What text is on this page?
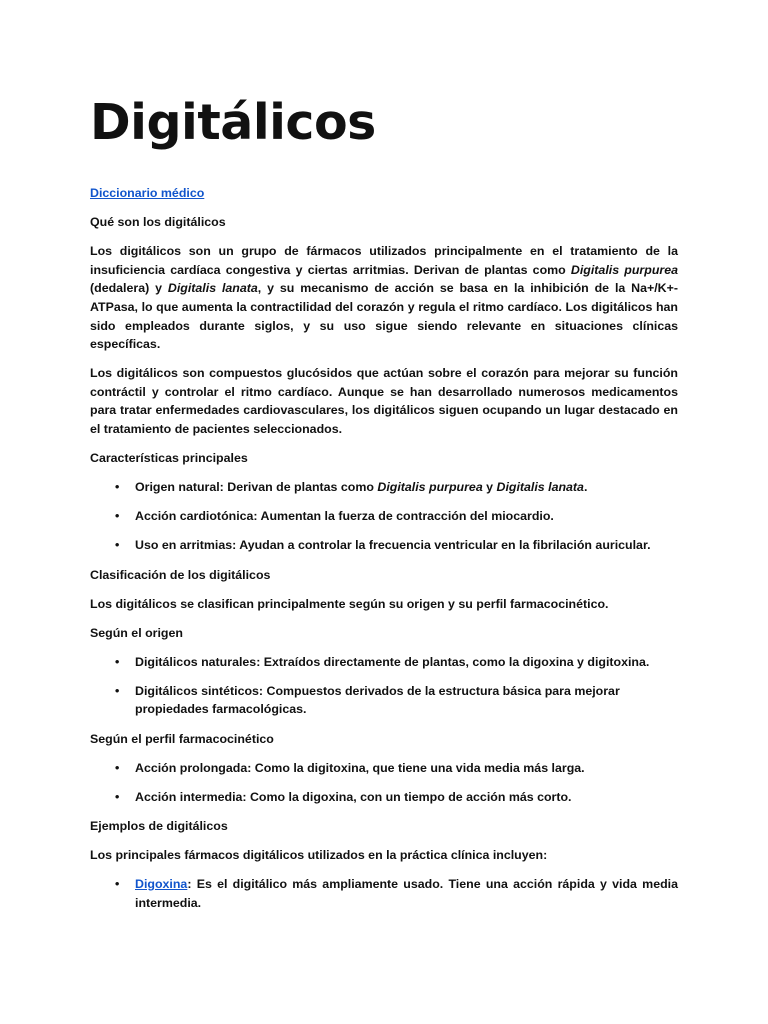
Digitálicos

Diccionario médico

Qué son los digitálicos

Los digitálicos son un grupo de fármacos utilizados principalmente en el tratamiento de la insuficiencia cardíaca congestiva y ciertas arritmias. Derivan de plantas como Digitalis purpurea (dedalera) y Digitalis lanata, y su mecanismo de acción se basa en la inhibición de la Na+/K+-ATPasa, lo que aumenta la contractilidad del corazón y regula el ritmo cardíaco. Los digitálicos han sido empleados durante siglos, y su uso sigue siendo relevante en situaciones clínicas específicas.

Los digitálicos son compuestos glucósidos que actúan sobre el corazón para mejorar su función contráctil y controlar el ritmo cardíaco. Aunque se han desarrollado numerosos medicamentos para tratar enfermedades cardiovasculares, los digitálicos siguen ocupando un lugar destacado en el tratamiento de pacientes seleccionados.

Características principales

• Origen natural: Derivan de plantas como Digitalis purpurea y Digitalis lanata.
• Acción cardiotónica: Aumentan la fuerza de contracción del miocardio.
• Uso en arritmias: Ayudan a controlar la frecuencia ventricular en la fibrilación auricular.

Clasificación de los digitálicos

Los digitálicos se clasifican principalmente según su origen y su perfil farmacocinético.

Según el origen

• Digitálicos naturales: Extraídos directamente de plantas, como la digoxina y digitoxina.
• Digitálicos sintéticos: Compuestos derivados de la estructura básica para mejorar propiedades farmacológicas.

Según el perfil farmacocinético

• Acción prolongada: Como la digitoxina, que tiene una vida media más larga.
• Acción intermedia: Como la digoxina, con un tiempo de acción más corto.

Ejemplos de digitálicos

Los principales fármacos digitálicos utilizados en la práctica clínica incluyen:

• Digoxina: Es el digitálico más ampliamente usado. Tiene una acción rápida y vida media intermedia.
